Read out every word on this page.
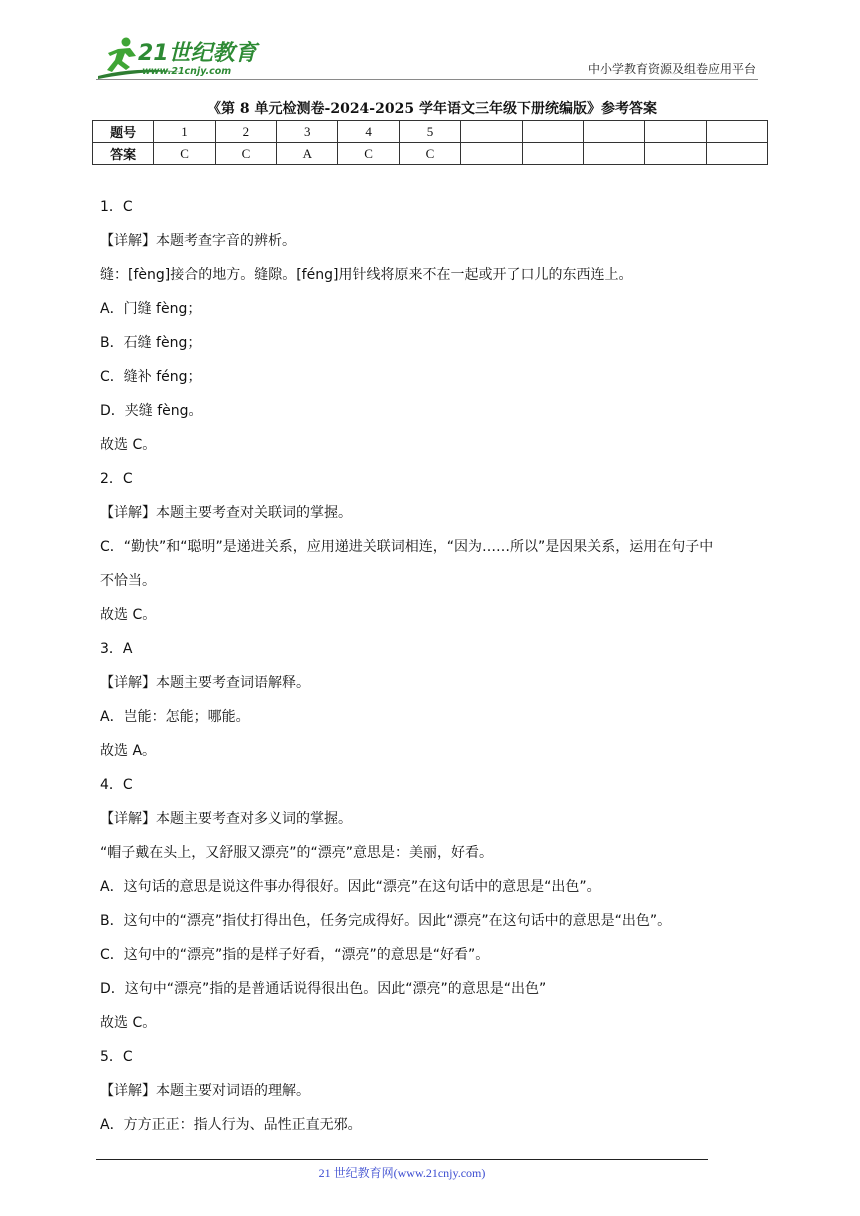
21世纪教育
www.21cnjy.com	中小学教育资源及组卷应用平台
《第 8 单元检测卷-2024-2025 学年语文三年级下册统编版》参考答案
题号	1	2	3	4	5					
答案	C	C	A	C	C					

1．C

【详解】本题考查字音的辨析。

缝：[fèng]接合的地方。缝隙。[féng]用针线将原来不在一起或开了口儿的东西连上。

A．门缝 fèng；

B．石缝 fèng；

C．缝补 féng；

D．夹缝 fèng。

故选 C。

2．C

【详解】本题主要考查对关联词的掌握。

C．“勤快”和“聪明”是递进关系，应用递进关联词相连，“因为……所以”是因果关系，运用在句子中

不恰当。

故选 C。

3．A

【详解】本题主要考查词语解释。

A．岂能：怎能；哪能。

故选 A。

4．C

【详解】本题主要考查对多义词的掌握。

“帽子戴在头上，又舒服又漂亮”的“漂亮”意思是：美丽，好看。

A．这句话的意思是说这件事办得很好。因此“漂亮”在这句话中的意思是“出色”。

B．这句中的“漂亮”指仗打得出色，任务完成得好。因此“漂亮”在这句话中的意思是“出色”。

C．这句中的“漂亮”指的是样子好看，“漂亮”的意思是“好看”。

D．这句中“漂亮”指的是普通话说得很出色。因此“漂亮”的意思是“出色”

故选 C。

5．C

【详解】本题主要对词语的理解。

A．方方正正：指人行为、品性正直无邪。

21 世纪教育网(www.21cnjy.com)
